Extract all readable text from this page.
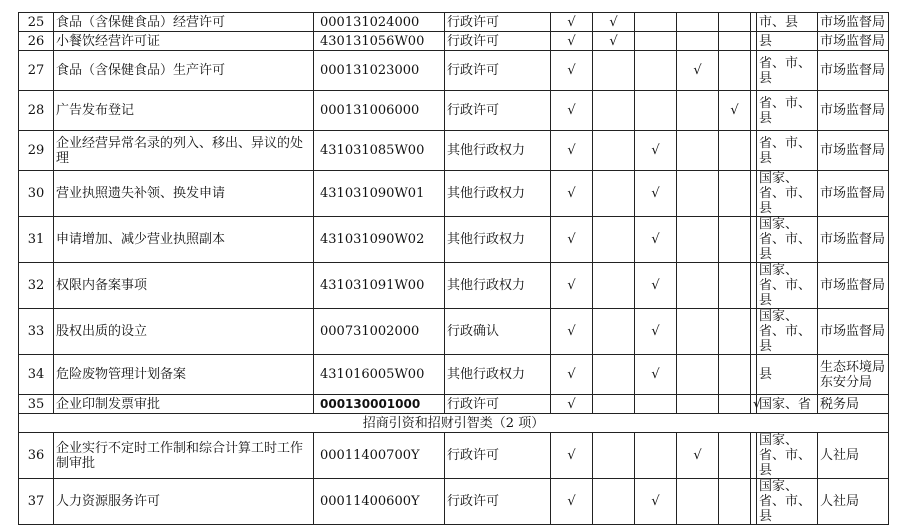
25	食品（含保健食品）经营许可	000131024000	行政许可	√	√					市、县	市场监督局
26	小餐饮经营许可证	430131056W00	行政许可	√	√					县	市场监督局
27	食品（含保健食品）生产许可	000131023000	行政许可	√			√			省、市、县	市场监督局
28	广告发布登记	000131006000	行政许可	√				√		省、市、县	市场监督局
29	企业经营异常名录的列入、移出、异议的处理	431031085W00	其他行政权力	√		√				省、市、县	市场监督局
30	营业执照遗失补领、换发申请	431031090W01	其他行政权力	√		√				国家、省、市、县	市场监督局
31	申请增加、减少营业执照副本	431031090W02	其他行政权力	√		√				国家、省、市、县	市场监督局
32	权限内备案事项	431031091W00	其他行政权力	√		√				国家、省、市、县	市场监督局
33	股权出质的设立	000731002000	行政确认	√		√				国家、省、市、县	市场监督局
34	危险废物管理计划备案	431016005W00	其他行政权力	√		√				县	生态环境局东安分局
35	企业印制发票审批	000130001000	行政许可	√					√	国家、省	税务局
招商引资和招财引智类（2 项）											
36	企业实行不定时工作制和综合计算工时工作制审批	00011400700Y	行政许可	√			√			国家、省、市、县	人社局
37	人力资源服务许可	00011400600Y	行政许可	√		√				国家、省、市、县	人社局
